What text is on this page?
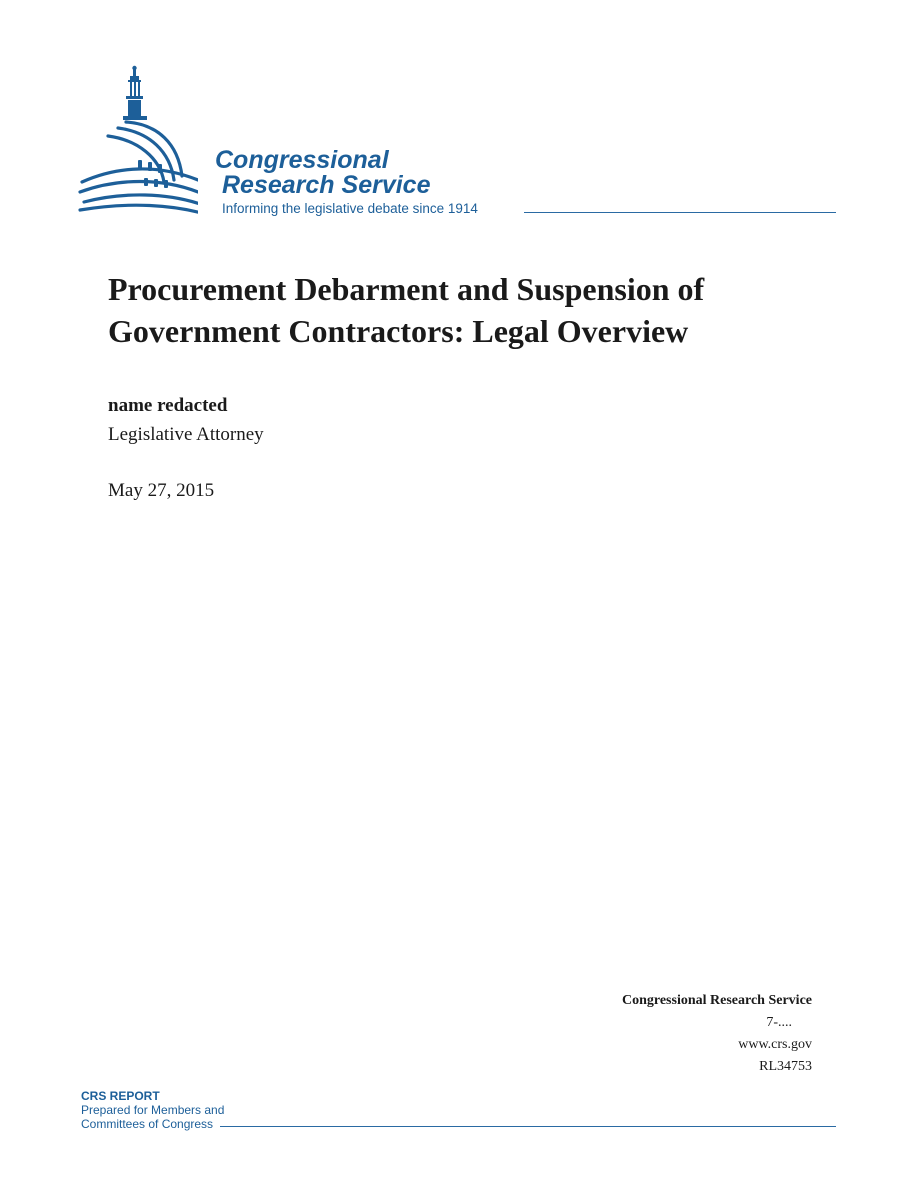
Congressional
Research Service
Informing the legislative debate since 1914
Procurement Debarment and Suspension of Government Contractors: Legal Overview
name redacted
Legislative Attorney
May 27, 2015
Congressional Research Service
7-....
www.crs.gov
RL34753
CRS REPORT
Prepared for Members and
Committees of Congress
